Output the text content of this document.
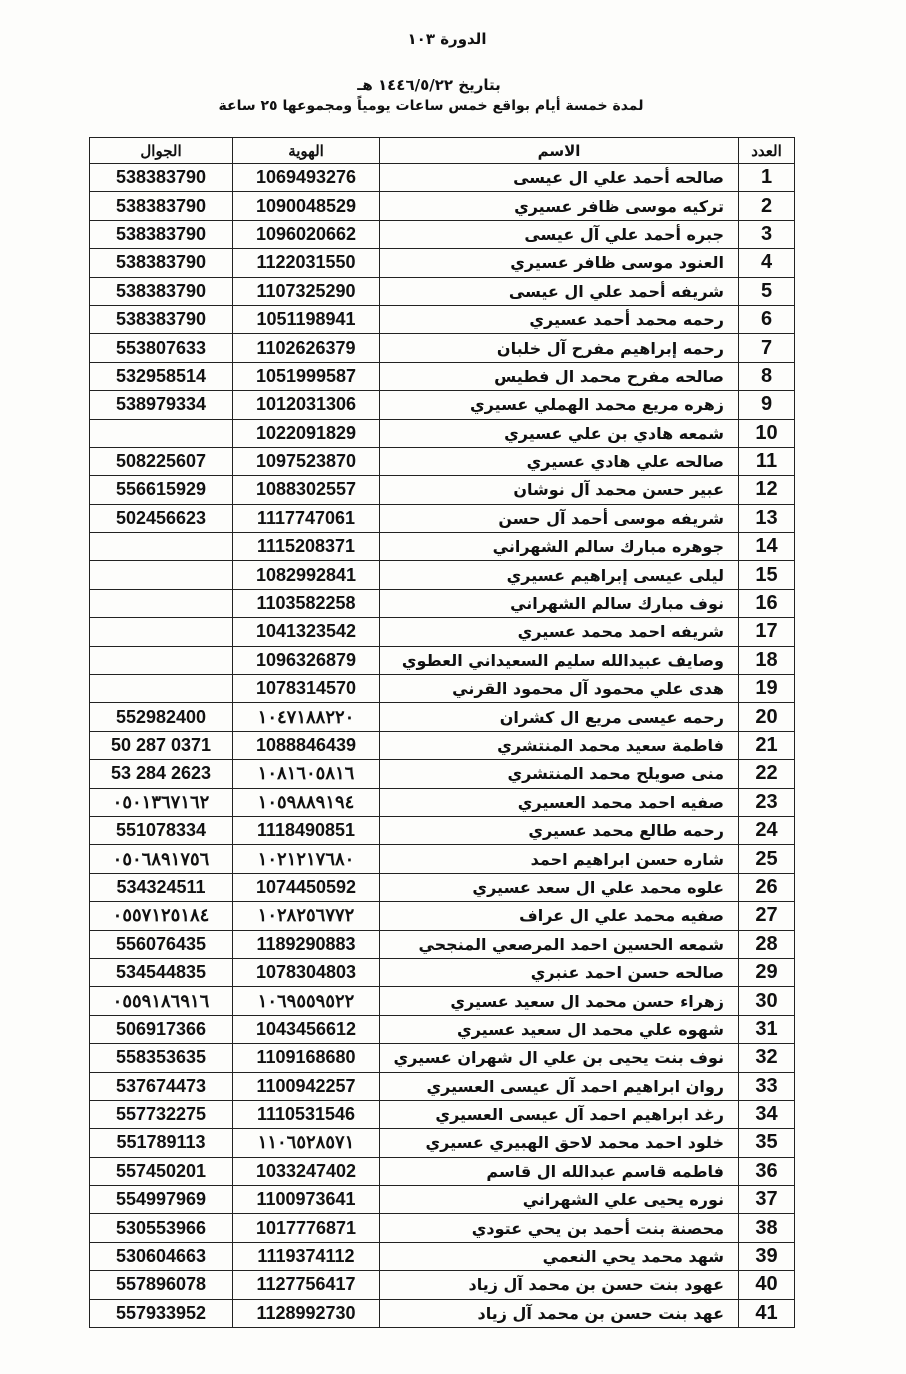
الدورة ١٠٣
بتاريخ ١٤٤٦/٥/٢٢ هـ
لمدة خمسة أيام بواقع خمس ساعات يومياً ومجموعها ٢٥ ساعة
الجوال	الهوية	الاسم	العدد
538383790	1069493276	صالحه أحمد علي ال عيسى	1
538383790	1090048529	تركيه موسى ظافر عسيري	2
538383790	1096020662	جبره أحمد علي آل عيسى	3
538383790	1122031550	العنود موسى ظافر عسيري	4
538383790	1107325290	شريفه أحمد علي ال عيسى	5
538383790	1051198941	رحمه محمد أحمد عسيري	6
553807633	1102626379	رحمه إبراهيم مفرح آل خلبان	7
532958514	1051999587	صالحه مفرح محمد ال فطيس	8
538979334	1012031306	زهره مريع محمد الهملي عسيري	9
	1022091829	شمعه هادي بن علي عسيري	10
508225607	1097523870	صالحه علي هادي عسيري	11
556615929	1088302557	عبير حسن محمد آل نوشان	12
502456623	1117747061	شريفه موسى أحمد آل حسن	13
	1115208371	جوهره مبارك سالم الشهراني	14
	1082992841	ليلى عيسى إبراهيم عسيري	15
	1103582258	نوف مبارك سالم الشهراني	16
	1041323542	شريفه احمد محمد عسيري	17
	1096326879	وصايف عبيدالله سليم السعيداني العطوي	18
	1078314570	هدى علي محمود آل محمود القرني	19
552982400	١٠٤٧١٨٨٢٢٠	رحمه عيسى مريع ال كشران	20
50 287 0371	1088846439	فاطمة سعيد محمد المنتشري	21
53 284 2623	١٠٨١٦٠٥٨١٦	منى صويلح محمد المنتشري	22
٠٥٠١٣٦٧١٦٢	١٠٥٩٨٨٩١٩٤	صفيه احمد محمد العسيري	23
551078334	1118490851	رحمه طالع محمد عسيري	24
٠٥٠٦٨٩١٧٥٦	١٠٢١٢١٧٦٨٠	شاره حسن ابراهيم احمد	25
534324511	1074450592	علوه محمد علي ال سعد عسيري	26
٠٥٥٧١٢٥١٨٤	١٠٢٨٢٥٦٧٧٢	صفيه محمد علي ال عراف	27
556076435	1189290883	شمعه الحسين احمد المرصعي المنجحي	28
534544835	1078304803	صالحه حسن احمد عنبري	29
٠٥٥٩١٨٦٩١٦	١٠٦٩٥٥٩٥٢٢	زهراء حسن محمد ال سعيد عسيري	30
506917366	1043456612	شهوه علي محمد ال سعيد عسيري	31
558353635	1109168680	نوف بنت يحيى بن علي ال شهران عسيري	32
537674473	1100942257	روان ابراهيم احمد آل عيسى العسيري	33
557732275	1110531546	رغد ابراهيم احمد آل عيسى العسيري	34
551789113	١١٠٦٥٢٨٥٧١	خلود احمد محمد لاحق الهبيري عسيري	35
557450201	1033247402	فاطمه قاسم عبدالله ال قاسم	36
554997969	1100973641	نوره يحيى علي الشهراني	37
530553966	1017776871	محصنة بنت أحمد بن يحي عتودي	38
530604663	1119374112	شهد محمد يحي النعمي	39
557896078	1127756417	عهود بنت حسن بن محمد آل زياد	40
557933952	1128992730	عهد بنت حسن بن محمد آل زياد	41
